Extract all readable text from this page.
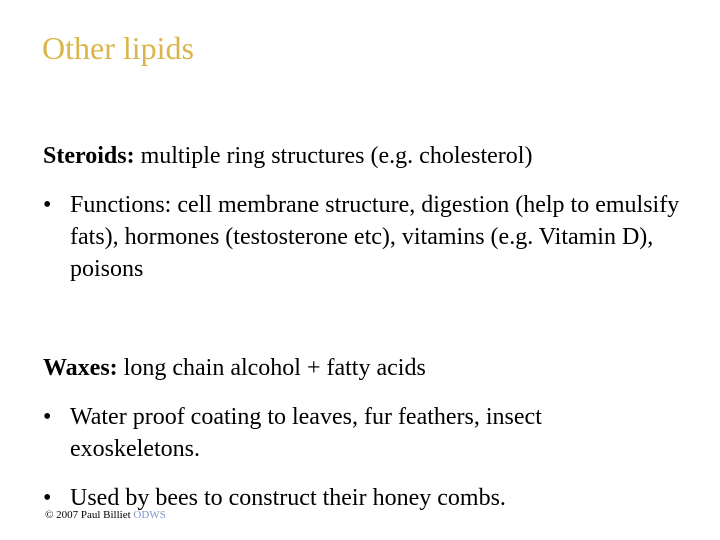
Other lipids
Steroids: multiple ring structures (e.g. cholesterol)
• Functions: cell membrane structure, digestion (help to emulsify fats), hormones (testosterone etc), vitamins (e.g. Vitamin D), poisons
Waxes: long chain alcohol + fatty acids
• Water proof coating to leaves, fur feathers, insect exoskeletons.
• Used by bees to construct their honey combs.
© 2007 Paul Billiet ODWS
